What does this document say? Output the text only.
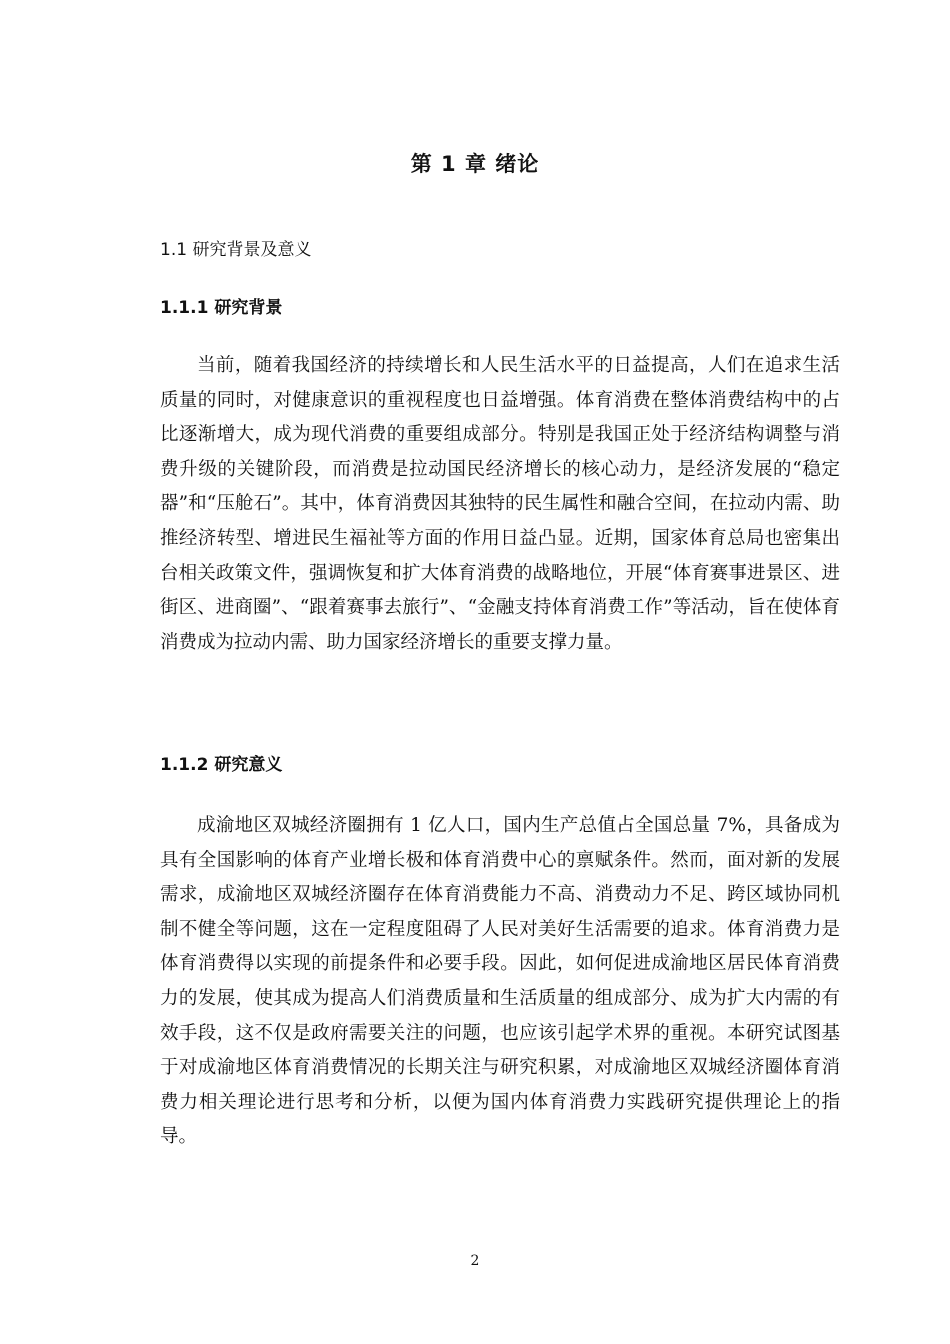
第 1 章 绪论
1.1 研究背景及意义
1.1.1 研究背景

当前，随着我国经济的持续增长和人民生活水平的日益提高，人们在追求生活质量的同时，对健康意识的重视程度也日益增强。体育消费在整体消费结构中的占比逐渐增大，成为现代消费的重要组成部分。特别是我国正处于经济结构调整与消费升级的关键阶段，而消费是拉动国民经济增长的核心动力，是经济发展的“稳定器”和“压舱石”。其中，体育消费因其独特的民生属性和融合空间，在拉动内需、助推经济转型、增进民生福祉等方面的作用日益凸显。近期，国家体育总局也密集出台相关政策文件，强调恢复和扩大体育消费的战略地位，开展“体育赛事进景区、进街区、进商圈”、“跟着赛事去旅行”、“金融支持体育消费工作”等活动，旨在使体育消费成为拉动内需、助力国家经济增长的重要支撑力量。

1.1.2 研究意义

成渝地区双城经济圈拥有 1 亿人口，国内生产总值占全国总量 7%，具备成为具有全国影响的体育产业增长极和体育消费中心的禀赋条件。然而，面对新的发展需求，成渝地区双城经济圈存在体育消费能力不高、消费动力不足、跨区域协同机制不健全等问题，这在一定程度阻碍了人民对美好生活需要的追求。体育消费力是体育消费得以实现的前提条件和必要手段。因此，如何促进成渝地区居民体育消费力的发展，使其成为提高人们消费质量和生活质量的组成部分、成为扩大内需的有效手段，这不仅是政府需要关注的问题，也应该引起学术界的重视。本研究试图基于对成渝地区体育消费情况的长期关注与研究积累，对成渝地区双城经济圈体育消费力相关理论进行思考和分析，以便为国内体育消费力实践研究提供理论上的指导。

2
